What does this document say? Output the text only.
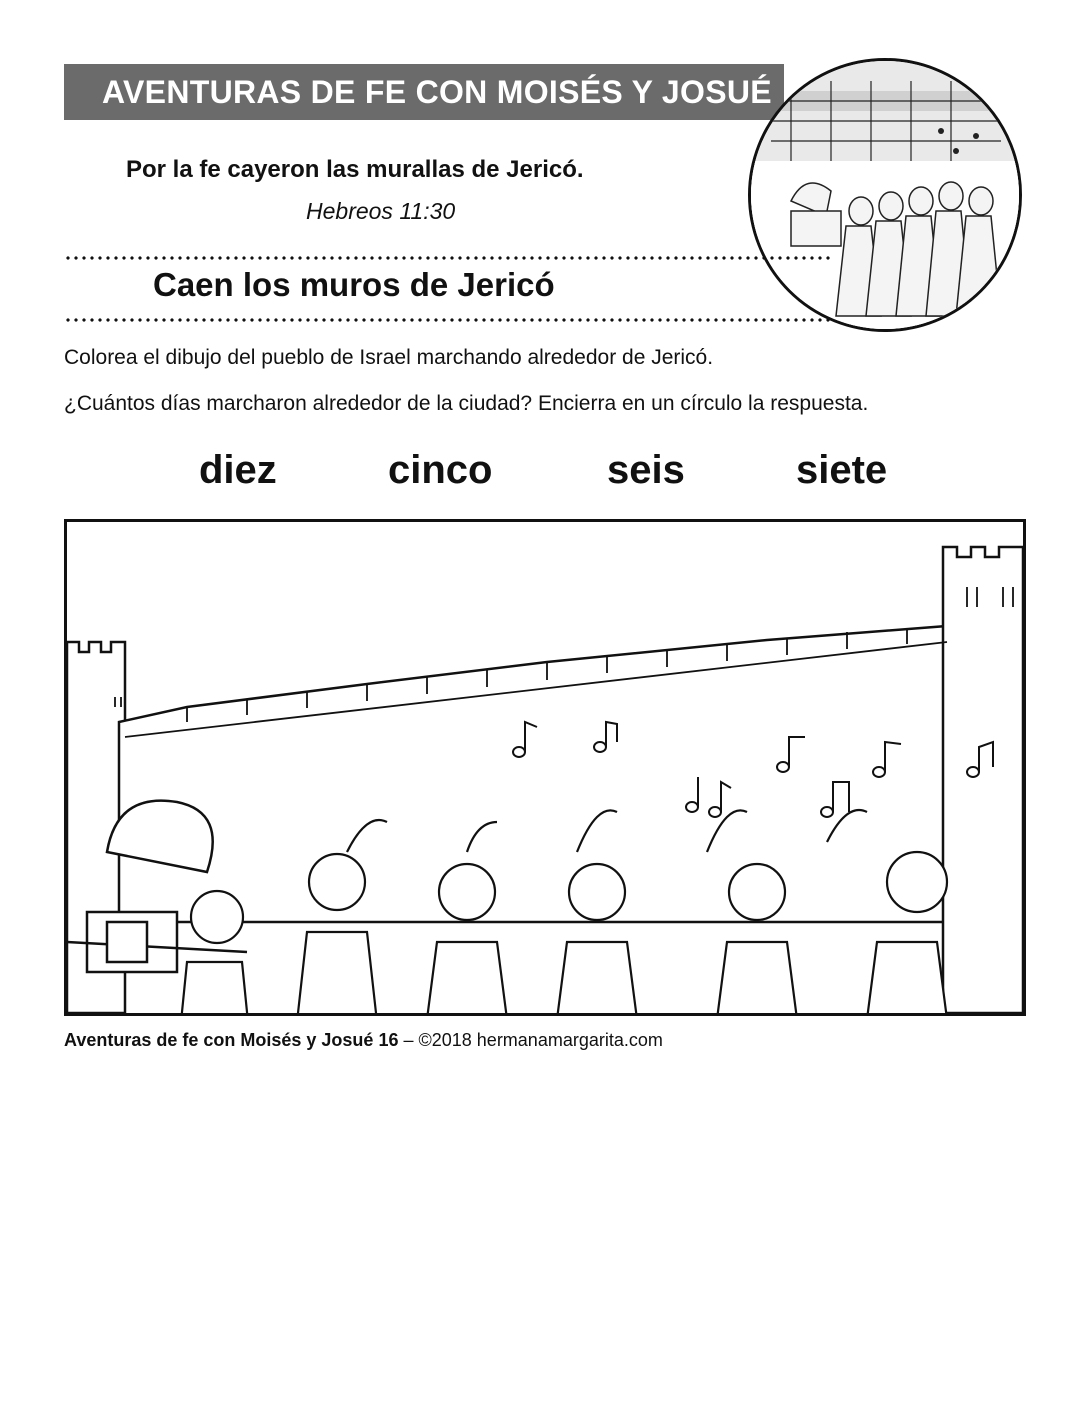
AVENTURAS DE FE CON MOISÉS Y JOSUÉ
Por la fe cayeron las murallas de Jericó.
Hebreos 11:30
Caen los muros de Jericó
Colorea el dibujo del pueblo de Israel marchando alrededor de Jericó.
¿Cuántos días marcharon alrededor de la ciudad? Encierra en un círculo la respuesta.
diez	cinco	seis	siete
Aventuras de fe con Moisés y Josué 16 – ©2018 hermanamargarita.com
